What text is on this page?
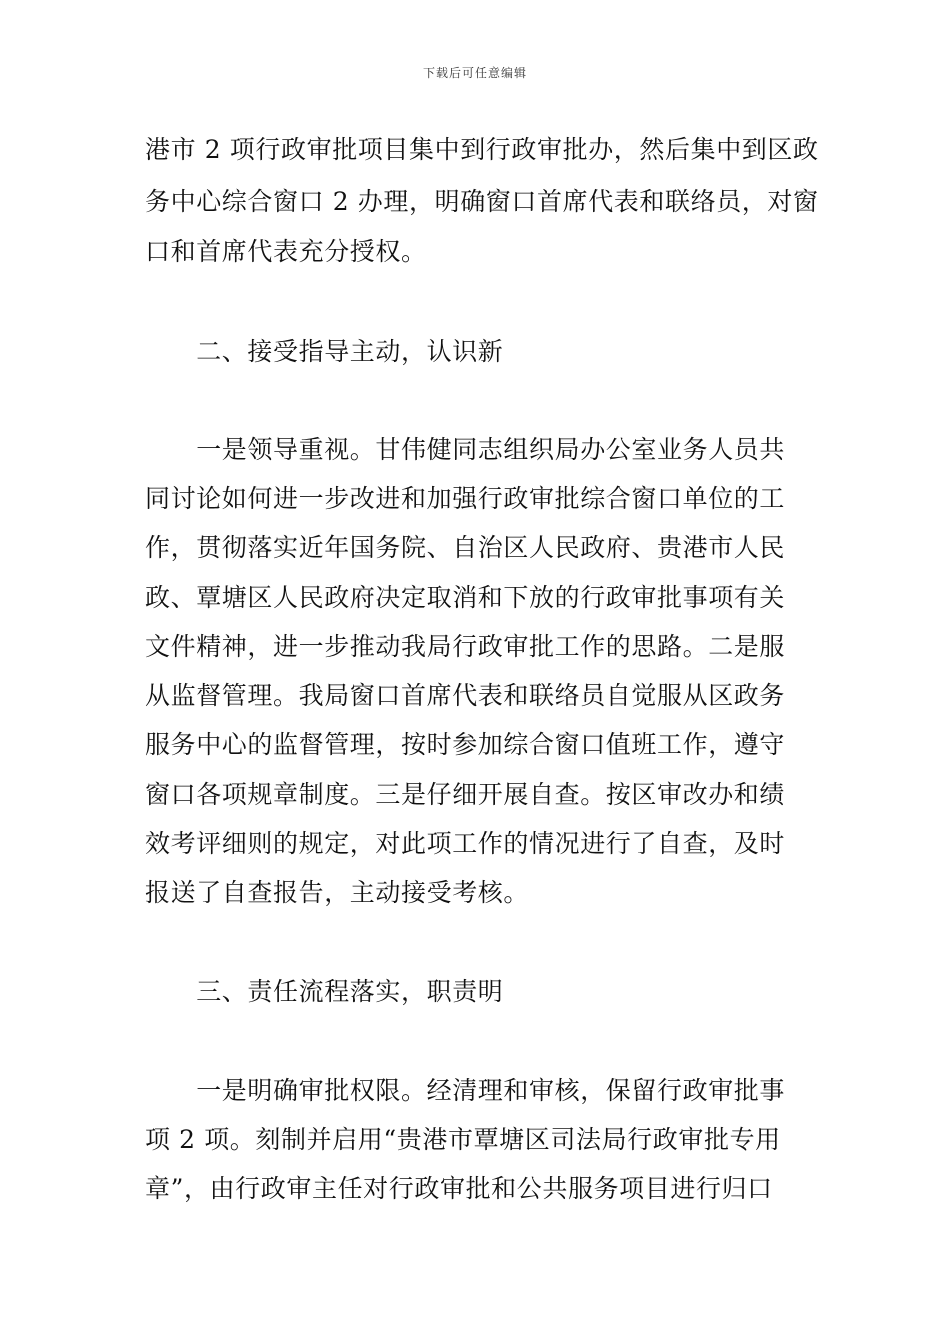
下载后可任意编辑
港市 2 项行政审批项目集中到行政审批办，然后集中到区政
务中心综合窗口 2 办理，明确窗口首席代表和联络员，对窗
口和首席代表充分授权。
　　二、接受指导主动，认识新
　　一是领导重视。甘伟健同志组织局办公室业务人员共
同讨论如何进一步改进和加强行政审批综合窗口单位的工
作，贯彻落实近年国务院、自治区人民政府、贵港市人民
政、覃塘区人民政府决定取消和下放的行政审批事项有关
文件精神，进一步推动我局行政审批工作的思路。二是服
从监督管理。我局窗口首席代表和联络员自觉服从区政务
服务中心的监督管理，按时参加综合窗口值班工作，遵守
窗口各项规章制度。三是仔细开展自查。按区审改办和绩
效考评细则的规定，对此项工作的情况进行了自查，及时
报送了自查报告，主动接受考核。
　　三、责任流程落实，职责明
　　一是明确审批权限。经清理和审核，保留行政审批事
项 2 项。刻制并启用“贵港市覃塘区司法局行政审批专用
章”，由行政审主任对行政审批和公共服务项目进行归口
